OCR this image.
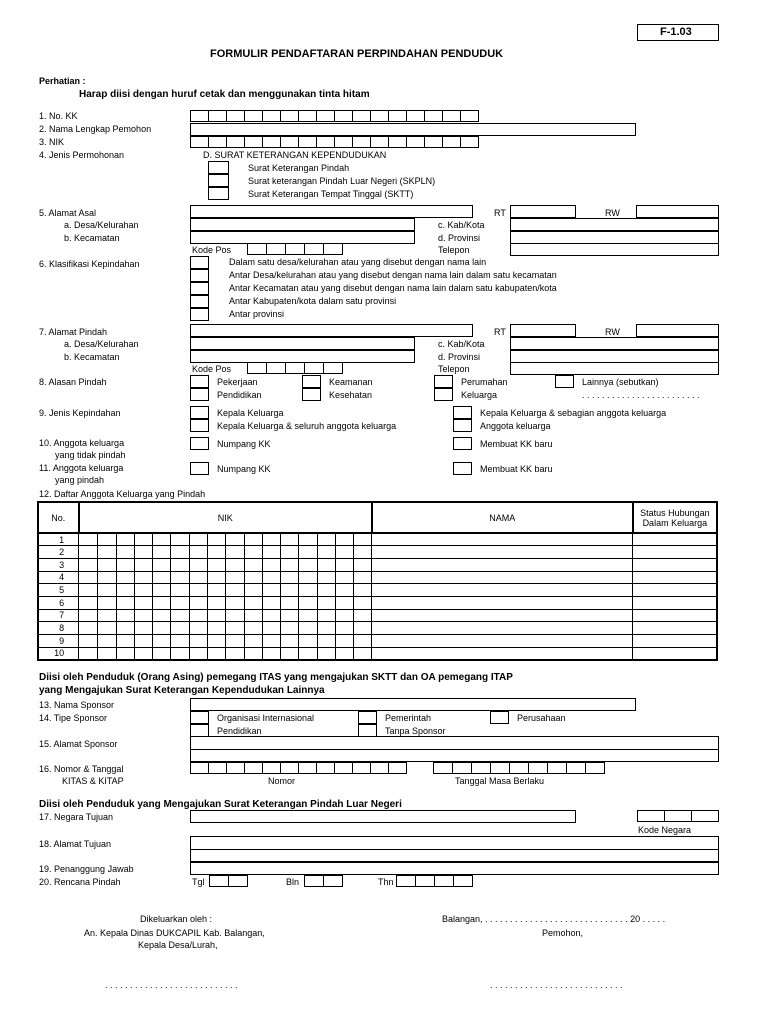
F-1.03
FORMULIR PENDAFTARAN PERPINDAHAN PENDUDUK
Perhatian :
Harap diisi dengan huruf cetak dan menggunakan tinta hitam
1. No. KK
2. Nama Lengkap Pemohon
3. NIK
4. Jenis Permohonan	D. SURAT KETERANGAN KEPENDUDUKAN
Surat Keterangan Pindah
Surat keterangan Pindah Luar Negeri (SKPLN)
Surat Keterangan Tempat Tinggal (SKTT)
5. Alamat Asal	RT	RW
a. Desa/Kelurahan	c. Kab/Kota
b. Kecamatan	d. Provinsi
Kode Pos	Telepon
6. Klasifikasi Kepindahan	Dalam satu desa/kelurahan atau yang disebut dengan nama lain
Antar Desa/kelurahan atau yang disebut dengan nama lain dalam satu kecamatan
Antar Kecamatan atau yang disebut dengan nama lain dalam satu kabupaten/kota
Antar Kabupaten/kota dalam satu provinsi
Antar provinsi
7. Alamat Pindah	RT	RW
a. Desa/Kelurahan	c. Kab/Kota
b. Kecamatan	d. Provinsi
Kode Pos	Telepon
8. Alasan Pindah	Pekerjaan
Pendidikan
Keamanan
Kesehatan
Perumahan
Keluarga
Lainnya (sebutkan)
. . . . . . . . . . . . . . . . . . . . . . . .
9. Jenis Kepindahan	Kepala Keluarga
Kepala Keluarga & seluruh anggota keluarga
Kepala Keluarga & sebagian anggota keluarga
Anggota keluarga
10. Anggota keluarga
yang tidak pindah
Numpang KK	Membuat KK baru
11. Anggota keluarga
yang pindah
Numpang KK	Membuat KK baru
12. Daftar Anggota Keluarga yang Pindah
No.	NIK																NAMA	Status Hubungan
Dalam Keluarga

1																		
2																		
3																		
4																		
5																		
6																		
7																		
8																		
9																		
10																		
Diisi oleh Penduduk (Orang Asing) pemegang ITAS yang mengajukan SKTT dan OA pemegang ITAP
yang Mengajukan Surat Keterangan Kependudukan Lainnya
13. Nama Sponsor
14. Tipe Sponsor	Organisasi Internasional
Pendidikan
Pemerintah
Tanpa Sponsor
Perusahaan
15. Alamat Sponsor
16. Nomor & Tanggal
KITAS & KITAP	Nomor	Tanggal Masa Berlaku
Diisi oleh Penduduk yang Mengajukan Surat Keterangan Pindah Luar Negeri
17. Negara Tujuan
Kode Negara
18. Alamat Tujuan
19. Penanggung Jawab
20. Rencana Pindah	Tgl	Bln	Thn
Dikeluarkan oleh :
An. Kepala Dinas DUKCAPIL Kab. Balangan,
Kepala Desa/Lurah,
Balangan, . . . . . . . . . . . . . . . . . . . . . . . . . . . . . 20 . . . . .
Pemohon,
. . . . . . . . . . . . . . . . . . . . . . . . . . .	. . . . . . . . . . . . . . . . . . . . . . . . . . .
